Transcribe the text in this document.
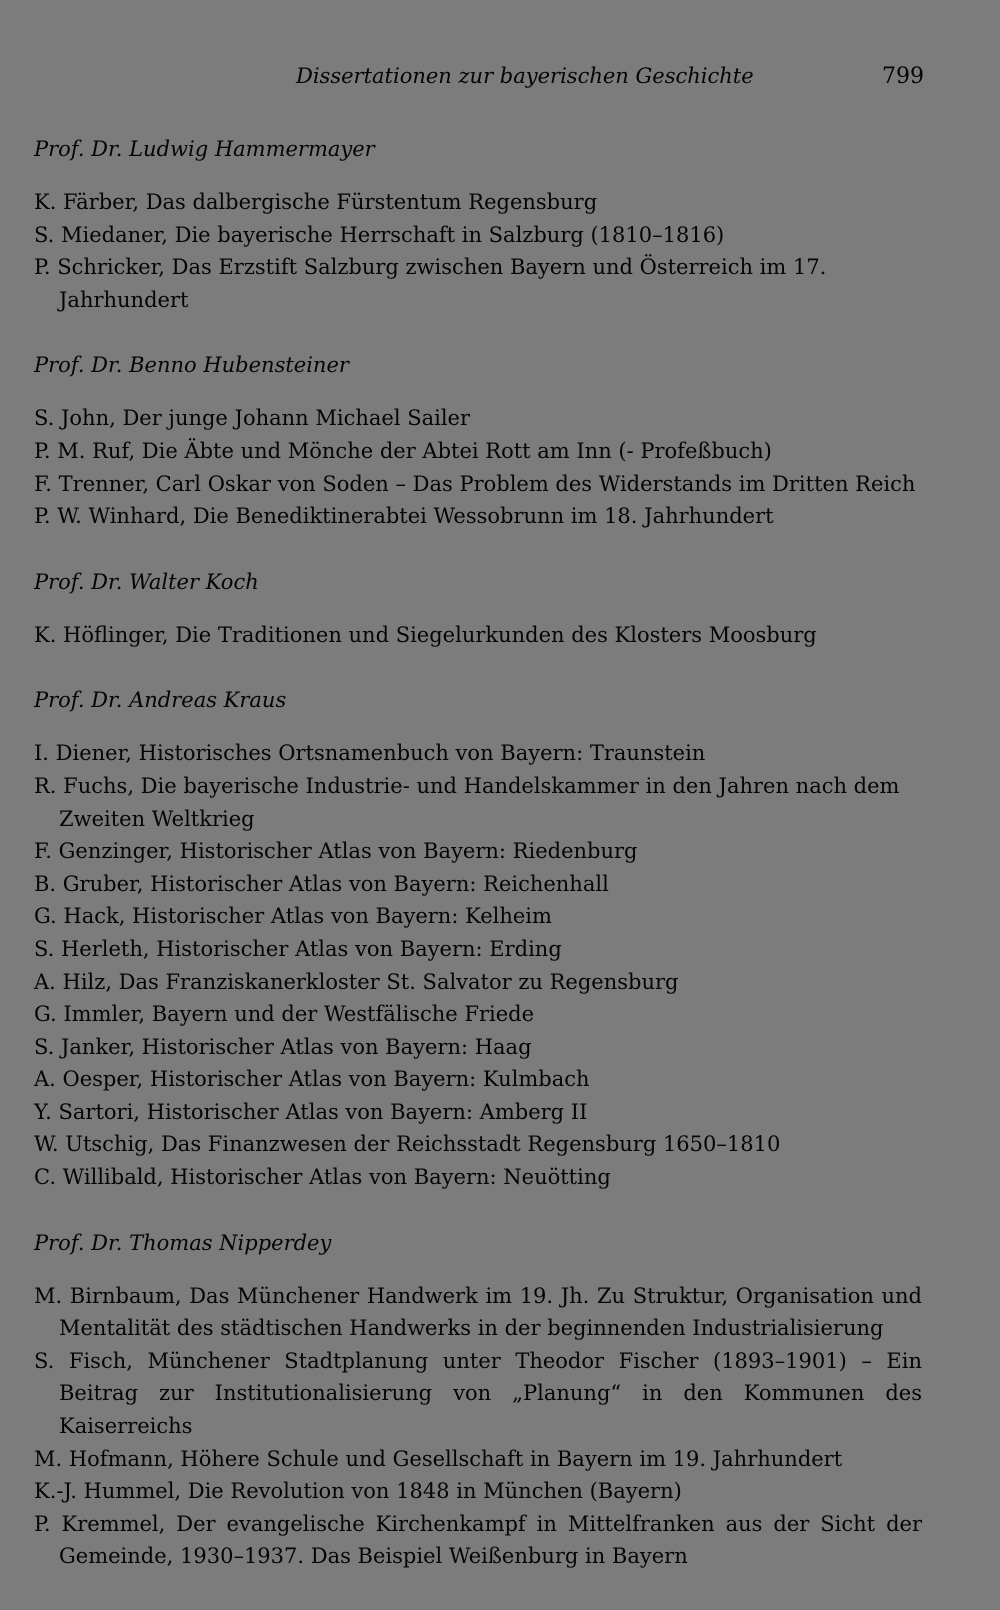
Dissertationen zur bayerischen Geschichte	799
Prof. Dr. Ludwig Hammermayer

K. Färber, Das dalbergische Fürstentum Regensburg

S. Miedaner, Die bayerische Herrschaft in Salzburg (1810–1816)

P. Schricker, Das Erzstift Salzburg zwischen Bayern und Österreich im 17. Jahrhundert

Prof. Dr. Benno Hubensteiner

S. John, Der junge Johann Michael Sailer

P. M. Ruf, Die Äbte und Mönche der Abtei Rott am Inn (- Profeßbuch)

F. Trenner, Carl Oskar von Soden – Das Problem des Widerstands im Dritten Reich

P. W. Winhard, Die Benediktinerabtei Wessobrunn im 18. Jahrhundert

Prof. Dr. Walter Koch

K. Höflinger, Die Traditionen und Siegelurkunden des Klosters Moosburg

Prof. Dr. Andreas Kraus

I. Diener, Historisches Ortsnamenbuch von Bayern: Traunstein

R. Fuchs, Die bayerische Industrie- und Handelskammer in den Jahren nach dem Zweiten Weltkrieg

F. Genzinger, Historischer Atlas von Bayern: Riedenburg

B. Gruber, Historischer Atlas von Bayern: Reichenhall

G. Hack, Historischer Atlas von Bayern: Kelheim

S. Herleth, Historischer Atlas von Bayern: Erding

A. Hilz, Das Franziskanerkloster St. Salvator zu Regensburg

G. Immler, Bayern und der Westfälische Friede

S. Janker, Historischer Atlas von Bayern: Haag

A. Oesper, Historischer Atlas von Bayern: Kulmbach

Y. Sartori, Historischer Atlas von Bayern: Amberg II

W. Utschig, Das Finanzwesen der Reichsstadt Regensburg 1650–1810

C. Willibald, Historischer Atlas von Bayern: Neuötting

Prof. Dr. Thomas Nipperdey

M. Birnbaum, Das Münchener Handwerk im 19. Jh. Zu Struktur, Organisation und Mentalität des städtischen Handwerks in der beginnenden Industrialisierung

S. Fisch, Münchener Stadtplanung unter Theodor Fischer (1893–1901) – Ein Beitrag zur Institutionalisierung von „Planung“ in den Kommunen des Kaiserreichs

M. Hofmann, Höhere Schule und Gesellschaft in Bayern im 19. Jahrhundert

K.-J. Hummel, Die Revolution von 1848 in München (Bayern)

P. Kremmel, Der evangelische Kirchenkampf in Mittelfranken aus der Sicht der Gemeinde, 1930–1937. Das Beispiel Weißenburg in Bayern
